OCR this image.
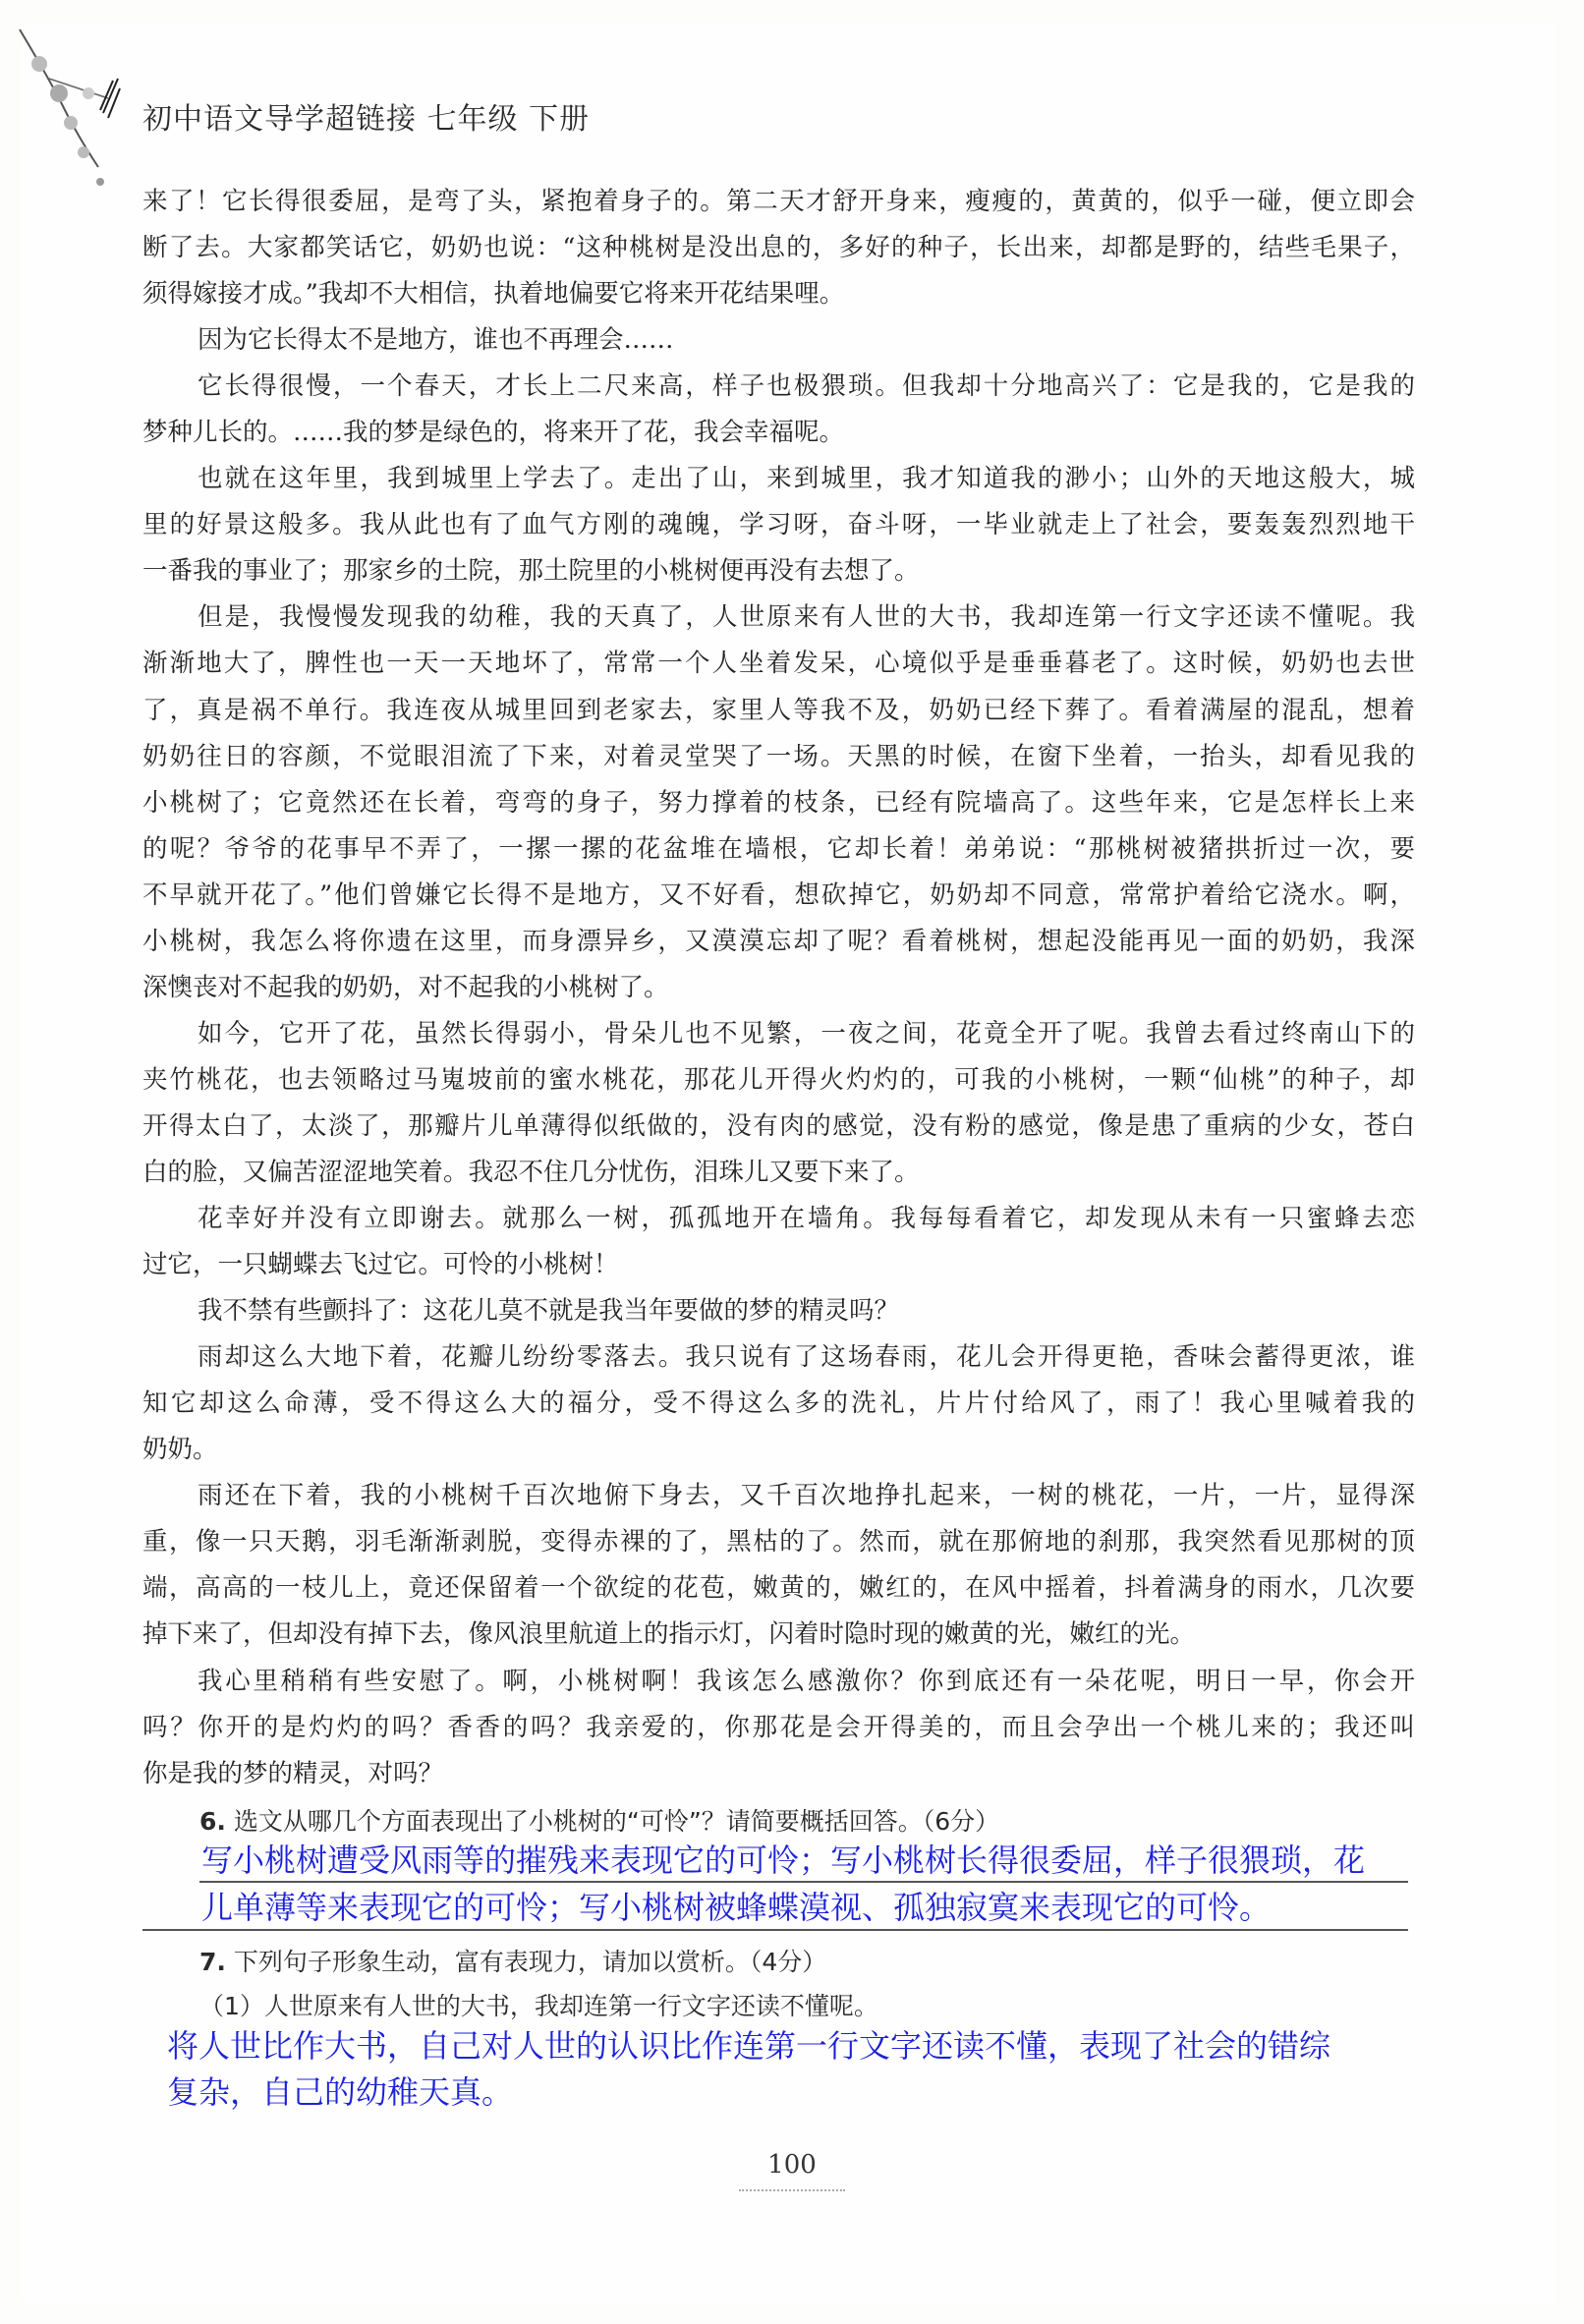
初中语文导学超链接 七年级 下册
来了！它长得很委屈，是弯了头，紧抱着身子的。第二天才舒开身来，瘦瘦的，黄黄的，似乎一碰，便立即会
断了去。大家都笑话它，奶奶也说：“这种桃树是没出息的，多好的种子，长出来，却都是野的，结些毛果子，
须得嫁接才成。”我却不大相信，执着地偏要它将来开花结果哩。
因为它长得太不是地方，谁也不再理会……
它长得很慢，一个春天，才长上二尺来高，样子也极猥琐。但我却十分地高兴了：它是我的，它是我的
梦种儿长的。……我的梦是绿色的，将来开了花，我会幸福呢。
也就在这年里，我到城里上学去了。走出了山，来到城里，我才知道我的渺小；山外的天地这般大，城
里的好景这般多。我从此也有了血气方刚的魂魄，学习呀，奋斗呀，一毕业就走上了社会，要轰轰烈烈地干
一番我的事业了；那家乡的土院，那土院里的小桃树便再没有去想了。
但是，我慢慢发现我的幼稚，我的天真了，人世原来有人世的大书，我却连第一行文字还读不懂呢。我
渐渐地大了，脾性也一天一天地坏了，常常一个人坐着发呆，心境似乎是垂垂暮老了。这时候，奶奶也去世
了，真是祸不单行。我连夜从城里回到老家去，家里人等我不及，奶奶已经下葬了。看着满屋的混乱，想着
奶奶往日的容颜，不觉眼泪流了下来，对着灵堂哭了一场。天黑的时候，在窗下坐着，一抬头，却看见我的
小桃树了；它竟然还在长着，弯弯的身子，努力撑着的枝条，已经有院墙高了。这些年来，它是怎样长上来
的呢？爷爷的花事早不弄了，一摞一摞的花盆堆在墙根，它却长着！弟弟说：“那桃树被猪拱折过一次，要
不早就开花了。”他们曾嫌它长得不是地方，又不好看，想砍掉它，奶奶却不同意，常常护着给它浇水。啊，
小桃树，我怎么将你遗在这里，而身漂异乡，又漠漠忘却了呢？看着桃树，想起没能再见一面的奶奶，我深
深懊丧对不起我的奶奶，对不起我的小桃树了。
如今，它开了花，虽然长得弱小，骨朵儿也不见繁，一夜之间，花竟全开了呢。我曾去看过终南山下的
夹竹桃花，也去领略过马嵬坡前的蜜水桃花，那花儿开得火灼灼的，可我的小桃树，一颗“仙桃”的种子，却
开得太白了，太淡了，那瓣片儿单薄得似纸做的，没有肉的感觉，没有粉的感觉，像是患了重病的少女，苍白
白的脸，又偏苦涩涩地笑着。我忍不住几分忧伤，泪珠儿又要下来了。
花幸好并没有立即谢去。就那么一树，孤孤地开在墙角。我每每看着它，却发现从未有一只蜜蜂去恋
过它，一只蝴蝶去飞过它。可怜的小桃树！
我不禁有些颤抖了：这花儿莫不就是我当年要做的梦的精灵吗？
雨却这么大地下着，花瓣儿纷纷零落去。我只说有了这场春雨，花儿会开得更艳，香味会蓄得更浓，谁
知它却这么命薄，受不得这么大的福分，受不得这么多的洗礼，片片付给风了，雨了！我心里喊着我的
奶奶。
雨还在下着，我的小桃树千百次地俯下身去，又千百次地挣扎起来，一树的桃花，一片，一片，显得深
重，像一只天鹅，羽毛渐渐剥脱，变得赤裸的了，黑枯的了。然而，就在那俯地的刹那，我突然看见那树的顶
端，高高的一枝儿上，竟还保留着一个欲绽的花苞，嫩黄的，嫩红的，在风中摇着，抖着满身的雨水，几次要
掉下来了，但却没有掉下去，像风浪里航道上的指示灯，闪着时隐时现的嫩黄的光，嫩红的光。
我心里稍稍有些安慰了。啊，小桃树啊！我该怎么感激你？你到底还有一朵花呢，明日一早，你会开
吗？你开的是灼灼的吗？香香的吗？我亲爱的，你那花是会开得美的，而且会孕出一个桃儿来的；我还叫
你是我的梦的精灵，对吗？
6. 选文从哪几个方面表现出了小桃树的“可怜”？请简要概括回答。（6分）
写小桃树遭受风雨等的摧残来表现它的可怜；写小桃树长得很委屈，样子很猥琐，花
儿单薄等来表现它的可怜；写小桃树被蜂蝶漠视、孤独寂寞来表现它的可怜。
7. 下列句子形象生动，富有表现力，请加以赏析。（4分）
（1）人世原来有人世的大书，我却连第一行文字还读不懂呢。
将人世比作大书，自己对人世的认识比作连第一行文字还读不懂，表现了社会的错综
复杂，自己的幼稚天真。
100
